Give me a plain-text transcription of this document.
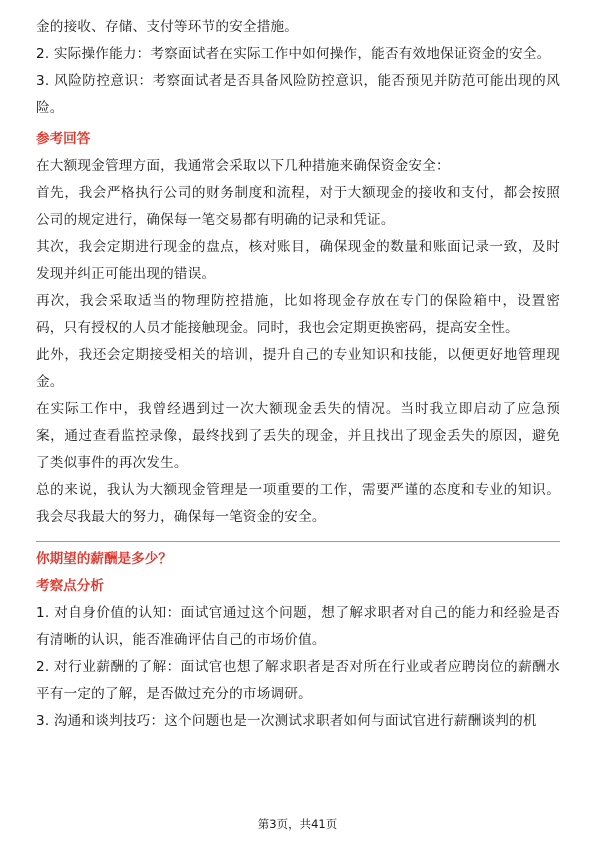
金的接收、存储、支付等环节的安全措施。

2. 实际操作能力：考察面试者在实际工作中如何操作，能否有效地保证资金的安全。

3. 风险防控意识：考察面试者是否具备风险防控意识，能否预见并防范可能出现的风险。

参考回答

在大额现金管理方面，我通常会采取以下几种措施来确保资金安全：

首先，我会严格执行公司的财务制度和流程，对于大额现金的接收和支付，都会按照公司的规定进行，确保每一笔交易都有明确的记录和凭证。

其次，我会定期进行现金的盘点，核对账目，确保现金的数量和账面记录一致，及时发现并纠正可能出现的错误。

再次，我会采取适当的物理防控措施，比如将现金存放在专门的保险箱中，设置密码，只有授权的人员才能接触现金。同时，我也会定期更换密码，提高安全性。

此外，我还会定期接受相关的培训，提升自己的专业知识和技能，以便更好地管理现金。

在实际工作中，我曾经遇到过一次大额现金丢失的情况。当时我立即启动了应急预案，通过查看监控录像，最终找到了丢失的现金，并且找出了现金丢失的原因，避免了类似事件的再次发生。

总的来说，我认为大额现金管理是一项重要的工作，需要严谨的态度和专业的知识。我会尽我最大的努力，确保每一笔资金的安全。

你期望的薪酬是多少？

考察点分析

1. 对自身价值的认知：面试官通过这个问题，想了解求职者对自己的能力和经验是否有清晰的认识，能否准确评估自己的市场价值。

2. 对行业薪酬的了解：面试官也想了解求职者是否对所在行业或者应聘岗位的薪酬水平有一定的了解，是否做过充分的市场调研。

3. 沟通和谈判技巧：这个问题也是一次测试求职者如何与面试官进行薪酬谈判的机

第3页，共41页
